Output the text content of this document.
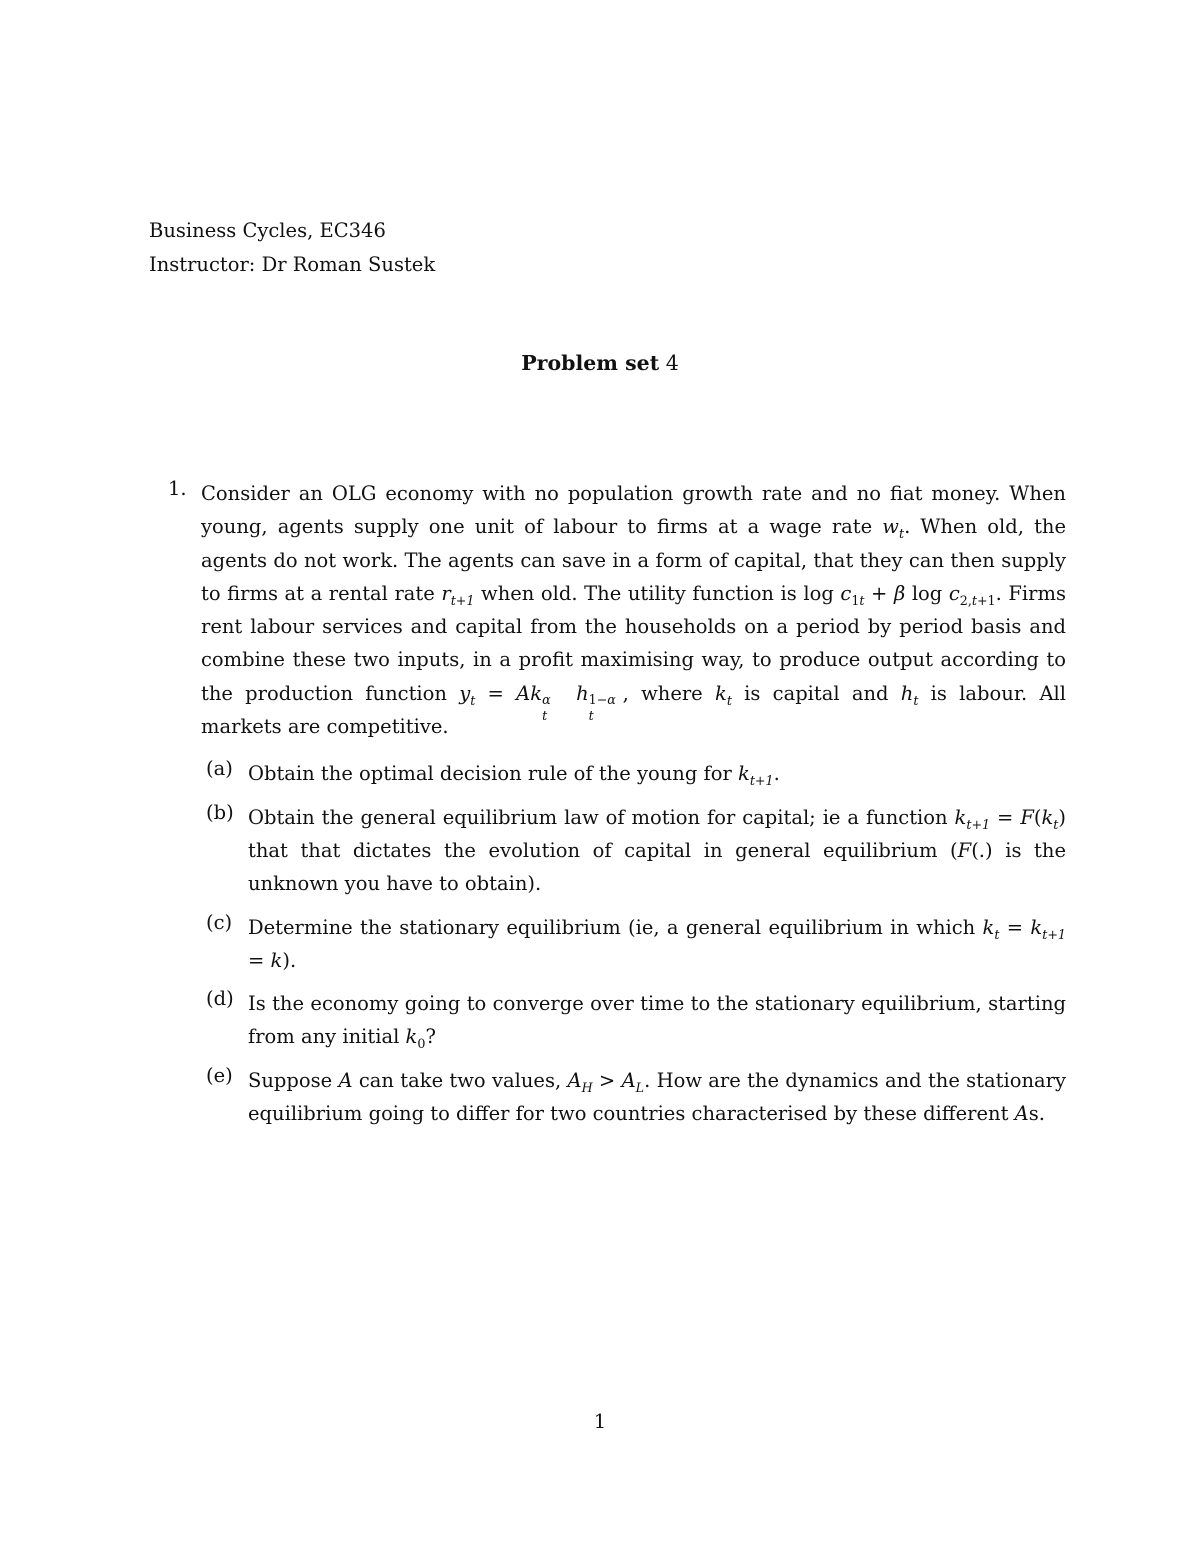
Business Cycles, EC346
Instructor: Dr Roman Sustek
Problem set 4
1. Consider an OLG economy with no population growth rate and no fiat money. When young, agents supply one unit of labour to firms at a wage rate $w_t$. When old, the agents do not work. The agents can save in a form of capital, that they can then supply to firms at a rental rate $r_{t+1}$ when old. The utility function is $\log c_{1t} + \beta$ $\log c_{2,t+1}$. Firms rent labour services and capital from the households on a period by period basis and combine these two inputs, in a profit maximising way, to produce output according to the production function $y_t = Ak$ α
t
h 1−α
t
, where $k_t$ is capital and $h_t$ is labour. All markets are competitive.
(a) Obtain the optimal decision rule of the young for $k_{t+1}$.
(b) Obtain the general equilibrium law of motion for capital; ie a function $k_{t+1} = F(k_t)$ that that dictates the evolution of capital in general equilibrium (F(.) is the unknown you have to obtain).
(c) Determine the stationary equilibrium (ie, a general equilibrium in which $k_t = k_{t+1} = k$).
(d) Is the economy going to converge over time to the stationary equilibrium, starting from any initial $k_0$?
(e) Suppose A can take two values, $A_H > A_L$. How are the dynamics and the stationary equilibrium going to differ for two countries characterised by these different As.
1
